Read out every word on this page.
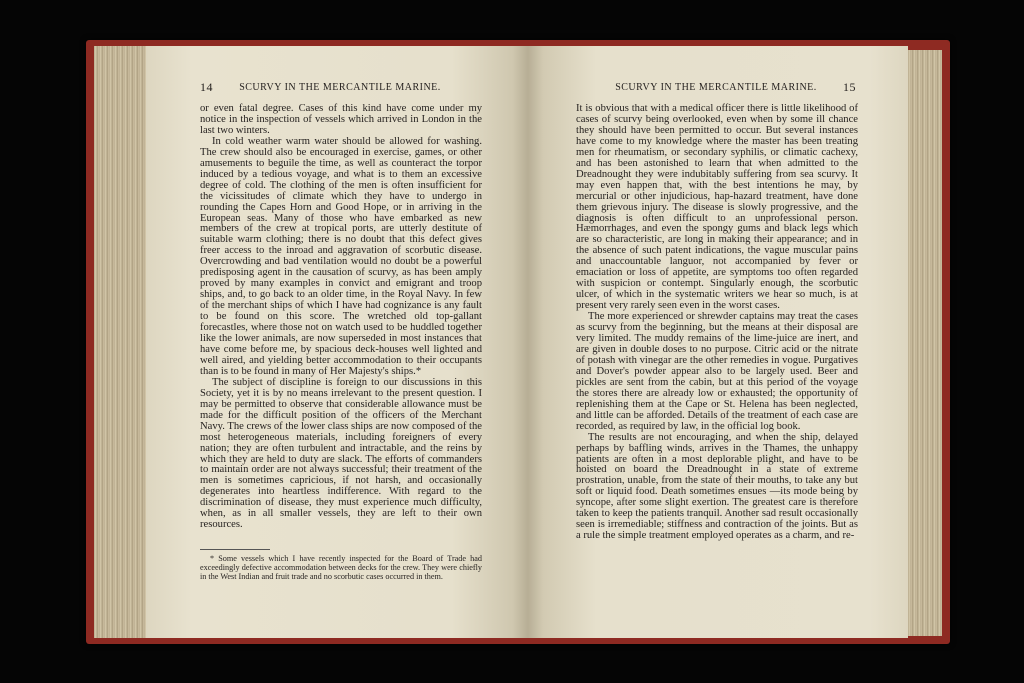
14	SCURVY IN THE MERCANTILE MARINE.

or even fatal degree. Cases of this kind have come under my notice in the inspection of vessels which arrived in London in the last two winters.

In cold weather warm water should be allowed for washing. The crew should also be encouraged in exercise, games, or other amusements to beguile the time, as well as counteract the torpor induced by a tedious voyage, and what is to them an excessive degree of cold. The clothing of the men is often insufficient for the vicissitudes of climate which they have to undergo in rounding the Capes Horn and Good Hope, or in arriving in the European seas. Many of those who have embarked as new members of the crew at tropical ports, are utterly destitute of suitable warm clothing; there is no doubt that this defect gives freer access to the inroad and aggravation of scorbutic disease. Overcrowding and bad ventilation would no doubt be a powerful predisposing agent in the causation of scurvy, as has been amply proved by many examples in convict and emigrant and troop ships, and, to go back to an older time, in the Royal Navy. In few of the merchant ships of which I have had cognizance is any fault to be found on this score. The wretched old top-gallant forecastles, where those not on watch used to be huddled together like the lower animals, are now superseded in most instances that have come before me, by spacious deck-houses well lighted and well aired, and yielding better accommodation to their occupants than is to be found in many of Her Majesty's ships.*

The subject of discipline is foreign to our discussions in this Society, yet it is by no means irrelevant to the present question. I may be permitted to observe that considerable allowance must be made for the difficult position of the officers of the Merchant Navy. The crews of the lower class ships are now composed of the most heterogeneous materials, including foreigners of every nation; they are often turbulent and intractable, and the reins by which they are held to duty are slack. The efforts of commanders to maintain order are not always successful; their treatment of the men is sometimes capricious, if not harsh, and occasionally degenerates into heartless indifference. With regard to the discrimination of disease, they must experience much difficulty, when, as in all smaller vessels, they are left to their own resources.

* Some vessels which I have recently inspected for the Board of Trade had exceedingly defective accommodation between decks for the crew. They were chiefly in the West Indian and fruit trade and no scorbutic cases occurred in them.
SCURVY IN THE MERCANTILE MARINE.	15

It is obvious that with a medical officer there is little likelihood of cases of scurvy being overlooked, even when by some ill chance they should have been permitted to occur. But several instances have come to my knowledge where the master has been treating men for rheumatism, or secondary syphilis, or climatic cachexy, and has been astonished to learn that when admitted to the Dreadnought they were indubitably suffering from sea scurvy. It may even happen that, with the best intentions he may, by mercurial or other injudicious, hap-hazard treatment, have done them grievous injury. The disease is slowly progressive, and the diagnosis is often difficult to an unprofessional person. Hæmorrhages, and even the spongy gums and black legs which are so characteristic, are long in making their appearance; and in the absence of such patent indications, the vague muscular pains and unaccountable languor, not accompanied by fever or emaciation or loss of appetite, are symptoms too often regarded with suspicion or contempt. Singularly enough, the scorbutic ulcer, of which in the systematic writers we hear so much, is at present very rarely seen even in the worst cases.

The more experienced or shrewder captains may treat the cases as scurvy from the beginning, but the means at their disposal are very limited. The muddy remains of the lime-juice are inert, and are given in double doses to no purpose. Citric acid or the nitrate of potash with vinegar are the other remedies in vogue. Purgatives and Dover's powder appear also to be largely used. Beer and pickles are sent from the cabin, but at this period of the voyage the stores there are already low or exhausted; the opportunity of replenishing them at the Cape or St. Helena has been neglected, and little can be afforded. Details of the treatment of each case are recorded, as required by law, in the official log book.

The results are not encouraging, and when the ship, delayed perhaps by baffling winds, arrives in the Thames, the unhappy patients are often in a most deplorable plight, and have to be hoisted on board the Dreadnought in a state of extreme prostration, unable, from the state of their mouths, to take any but soft or liquid food. Death sometimes ensues —its mode being by syncope, after some slight exertion. The greatest care is therefore taken to keep the patients tranquil. Another sad result occasionally seen is irremediable; stiffness and contraction of the joints. But as a rule the simple treatment employed operates as a charm, and re-
